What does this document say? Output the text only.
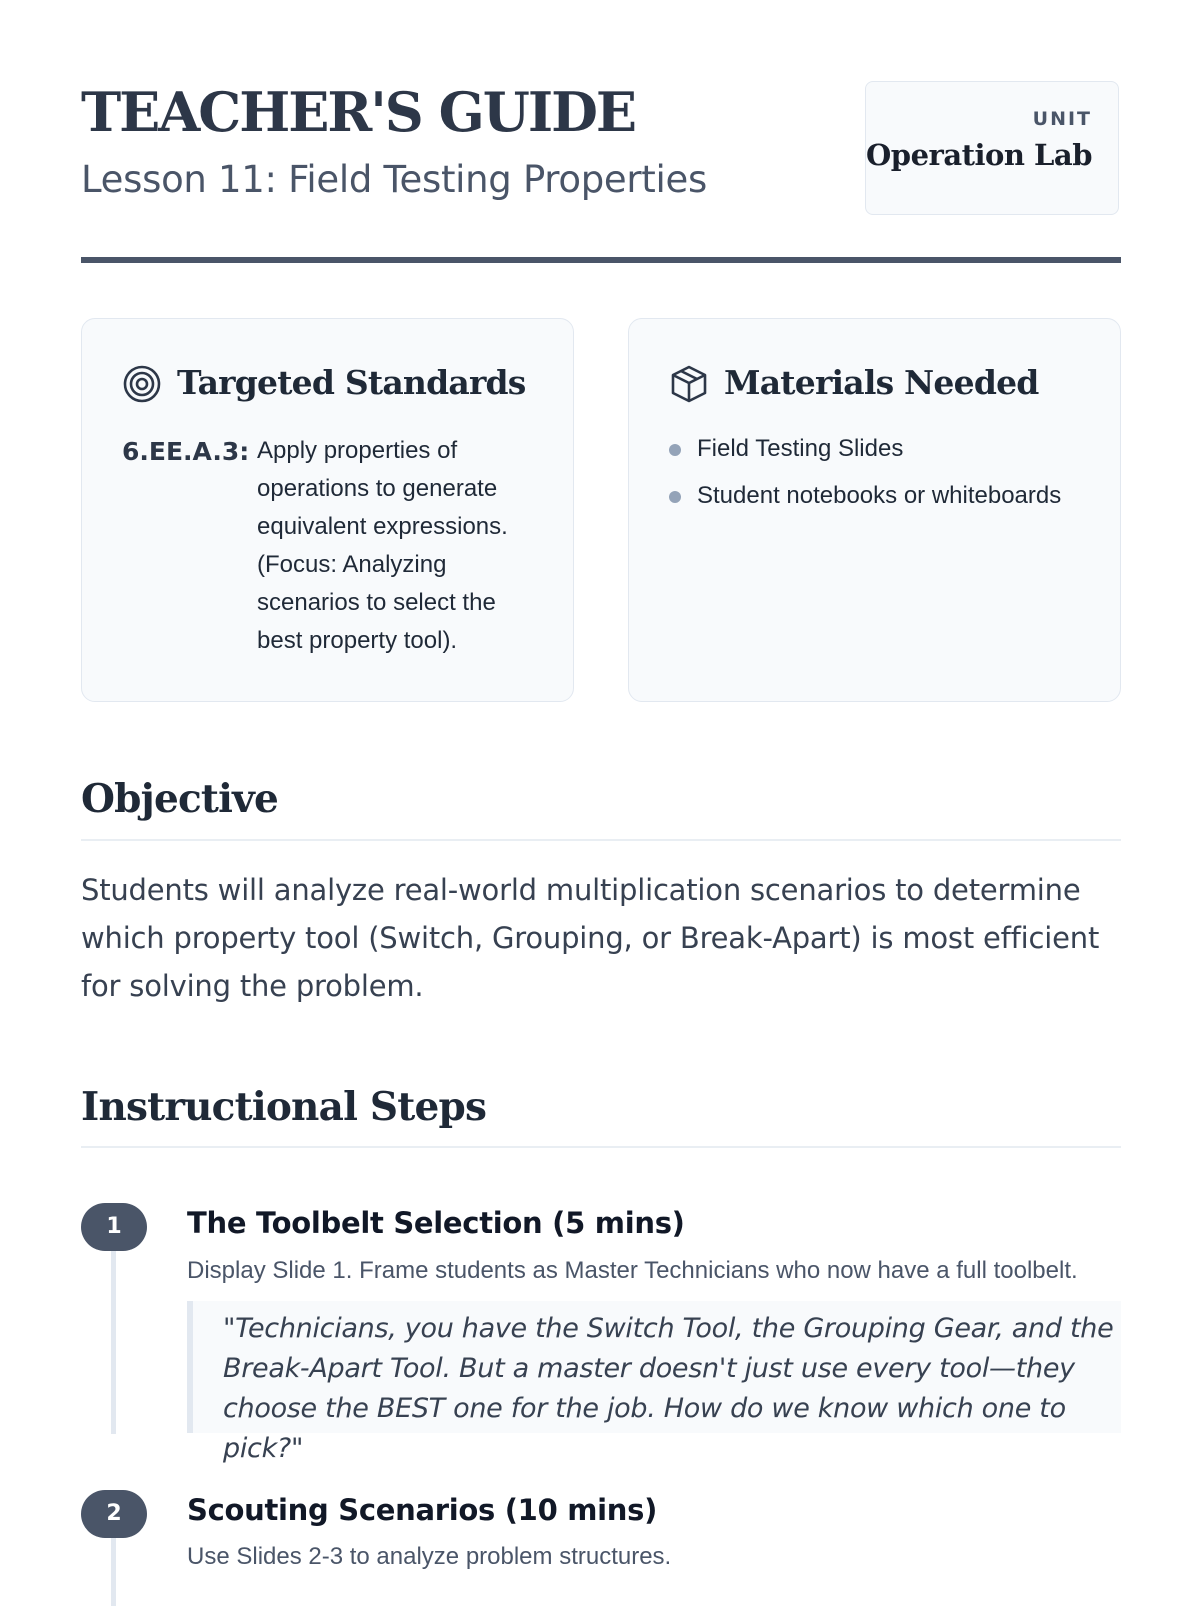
TEACHER'S GUIDE
Lesson 11: Field Testing Properties
UNIT
Operation Lab
Targeted Standards
6.EE.A.3: Apply properties of operations to generate equivalent expressions. (Focus: Analyzing scenarios to select the best property tool).
Materials Needed
Field Testing Slides
Student notebooks or whiteboards
Objective
Students will analyze real-world multiplication scenarios to determine which property tool (Switch, Grouping, or Break-Apart) is most efficient for solving the problem.
Instructional Steps
1	The Toolbelt Selection (5 mins)
Display Slide 1. Frame students as Master Technicians who now have a full toolbelt.
"Technicians, you have the Switch Tool, the Grouping Gear, and the Break-Apart Tool. But a master doesn't just use every tool—they choose the BEST one for the job. How do we know which one to pick?"
2	Scouting Scenarios (10 mins)
Use Slides 2-3 to analyze problem structures.
